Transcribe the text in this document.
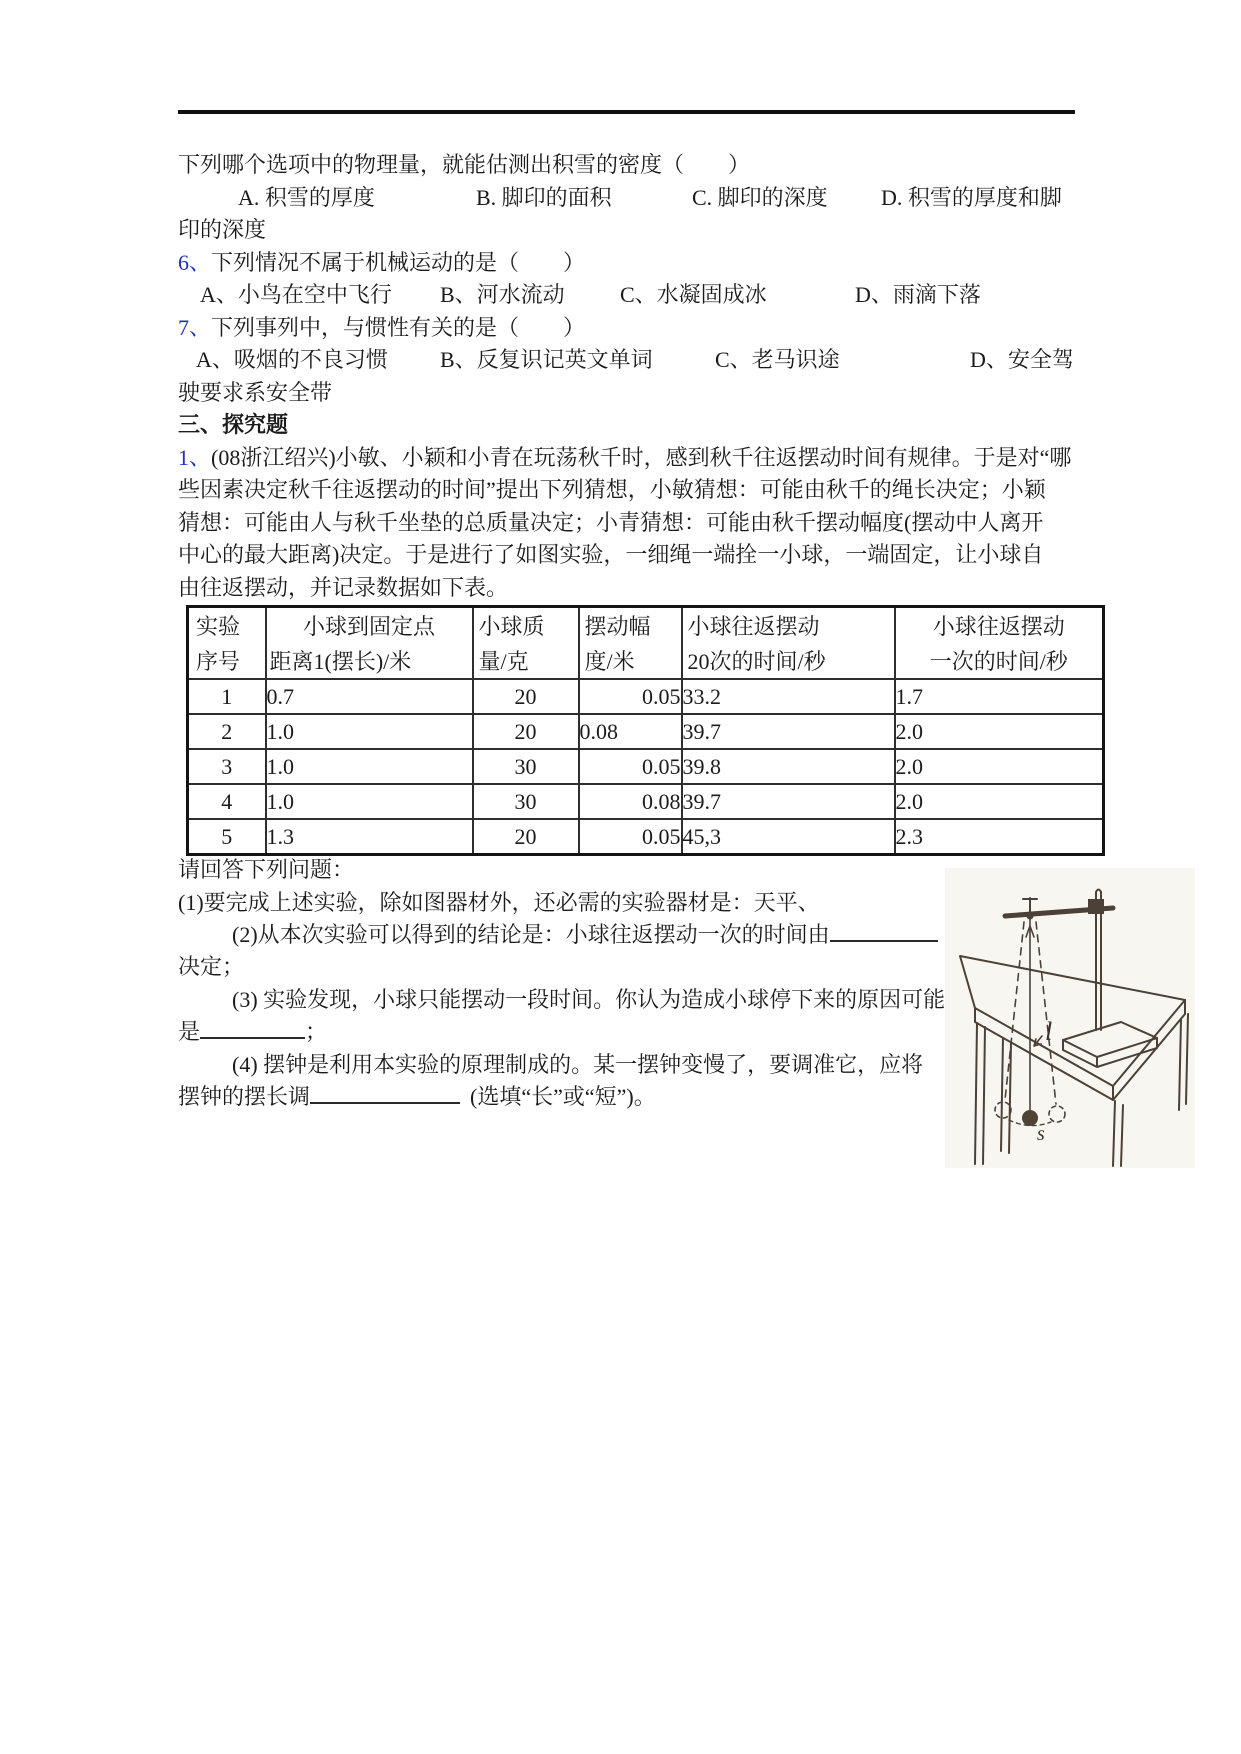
下列哪个选项中的物理量，就能估测出积雪的密度（　　）
A. 积雪的厚度	B. 脚印的面积	C. 脚印的深度 D. 积雪的厚度和脚
印的深度
6、下列情况不属于机械运动的是（　　）
A、小鸟在空中飞行 B、河水流动	C、水凝固成冰	D、雨滴下落
7、下列事列中，与惯性有关的是（　　）
A、吸烟的不良习惯 B、反复识记英文单词	C、老马识途	D、安全驾
驶要求系安全带
三、探究题
1、(08浙江绍兴)小敏、小颖和小青在玩荡秋千时，感到秋千往返摆动时间有规律。于是对“哪
些因素决定秋千往返摆动的时间”提出下列猜想，小敏猜想：可能由秋千的绳长决定；小颖
猜想：可能由人与秋千坐垫的总质量决定；小青猜想：可能由秋千摆动幅度(摆动中人离开
中心的最大距离)决定。于是进行了如图实验，一细绳一端拴一小球，一端固定，让小球自
由往返摆动，并记录数据如下表。
实验
序号

小球到固定点
距离1(摆长)/米

小球质
量/克

摆动幅
度/米

小球往返摆动
20次的时间/秒

小球往返摆动
一次的时间/秒

1	0.7	20	0.05	33.2	1.7
2	1.0	20	0.08	39.7	2.0
3	1.0	30	0.05	39.8	2.0
4	1.0	30	0.08	39.7	2.0
5	1.3	20	0.05	45,3	2.3
请回答下列问题：
(1)要完成上述实验，除如图器材外，还必需的实验器材是：天平、
(2)从本次实验可以得到的结论是：小球往返摆动一次的时间由
决定；
(3) 实验发现，小球只能摆动一段时间。你认为造成小球停下来的原因可能
是	；
(4) 摆钟是利用本实验的原理制成的。某一摆钟变慢了，要调准它，应将
摆钟的摆长调	(选填“长”或“短”)。
l
s
